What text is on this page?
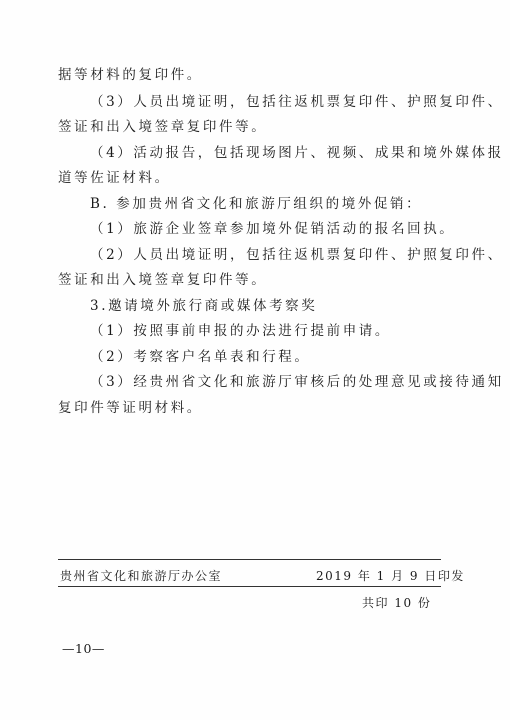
据等材料的复印件。
（3）人员出境证明，包括往返机票复印件、护照复印件、
签证和出入境签章复印件等。
（4）活动报告，包括现场图片、视频、成果和境外媒体报
道等佐证材料。
B. 参加贵州省文化和旅游厅组织的境外促销：
（1）旅游企业签章参加境外促销活动的报名回执。
（2）人员出境证明，包括往返机票复印件、护照复印件、
签证和出入境签章复印件等。
3.邀请境外旅行商或媒体考察奖
（1）按照事前申报的办法进行提前申请。
（2）考察客户名单表和行程。
（3）经贵州省文化和旅游厅审核后的处理意见或接待通知
复印件等证明材料。
贵州省文化和旅游厅办公室	2019 年 1 月 9 日印发
共印 10 份
—10—
